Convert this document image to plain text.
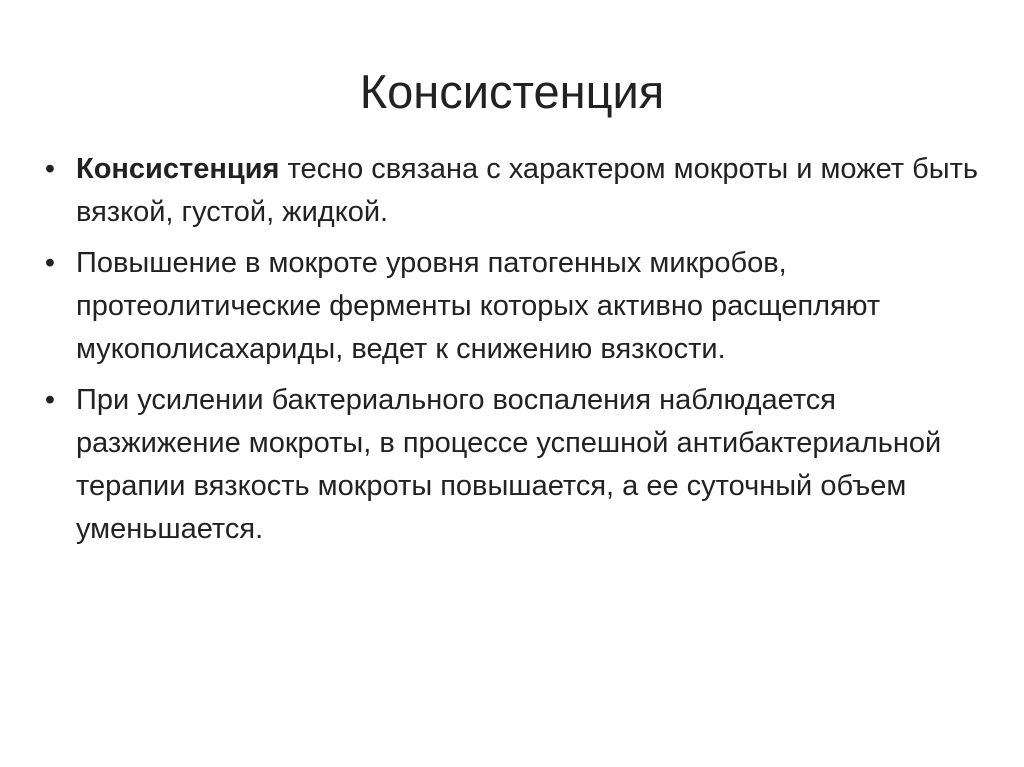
Консистенция
• Консистенция тесно связана с характером мокроты и может быть вязкой, густой, жидкой.
• Повышение в мокроте уровня патогенных микробов, протеолитические ферменты которых активно расщепляют мукополисахариды, ведет к снижению вязкости.
• При усилении бактериального воспаления наблюдается разжижение мокроты, в процессе успешной антибактериальной терапии вязкость мокроты повышается, а ее суточный объем уменьшается.
